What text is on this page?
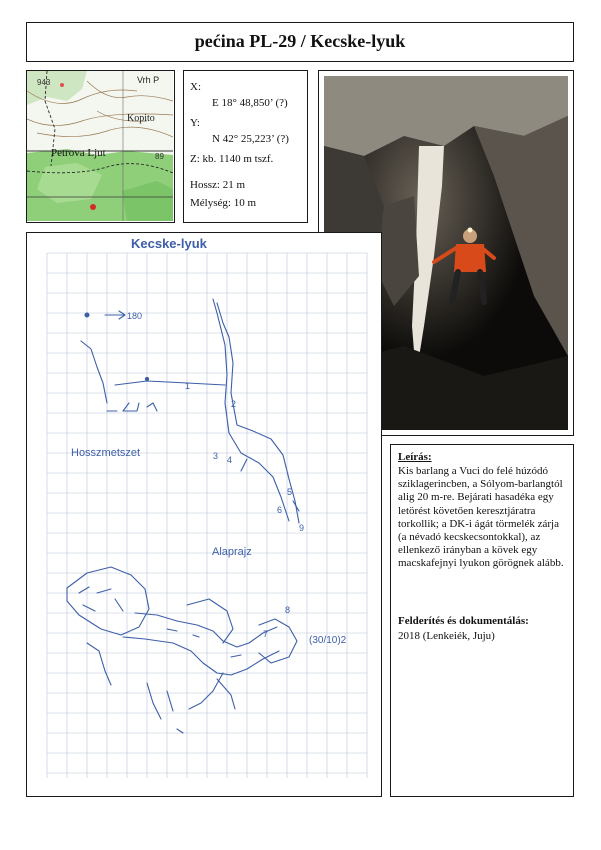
pećina PL-29 / Kecske-lyuk
943	Vrh P
Kopito
Petrova Ljut	89
X:
E 18° 48,850’ (?)
Y:
N 42° 25,223’ (?)
Z: kb. 1140 m tszf.
Hossz: 21 m
Mélység: 10 m
180
1
2
3 4
5
6
9
7
8
(30/10)2
Kecske-lyuk
Hosszmetszet
Alaprajz
Leírás:
Kis barlang a Vuci do felé húzódó sziklagerincben, a Sólyom-barlangtól alig 20 m-re. Bejárati hasadéka egy letörést követően keresztjáratra torkollik; a DK-i ágát törmelék zárja (a névadó kecskecsontokkal), az ellenkező irányban a kövek egy macskafejnyi lyukon görögnek alább.
Felderítés és dokumentálás:
2018 (Lenkeiék, Juju)
